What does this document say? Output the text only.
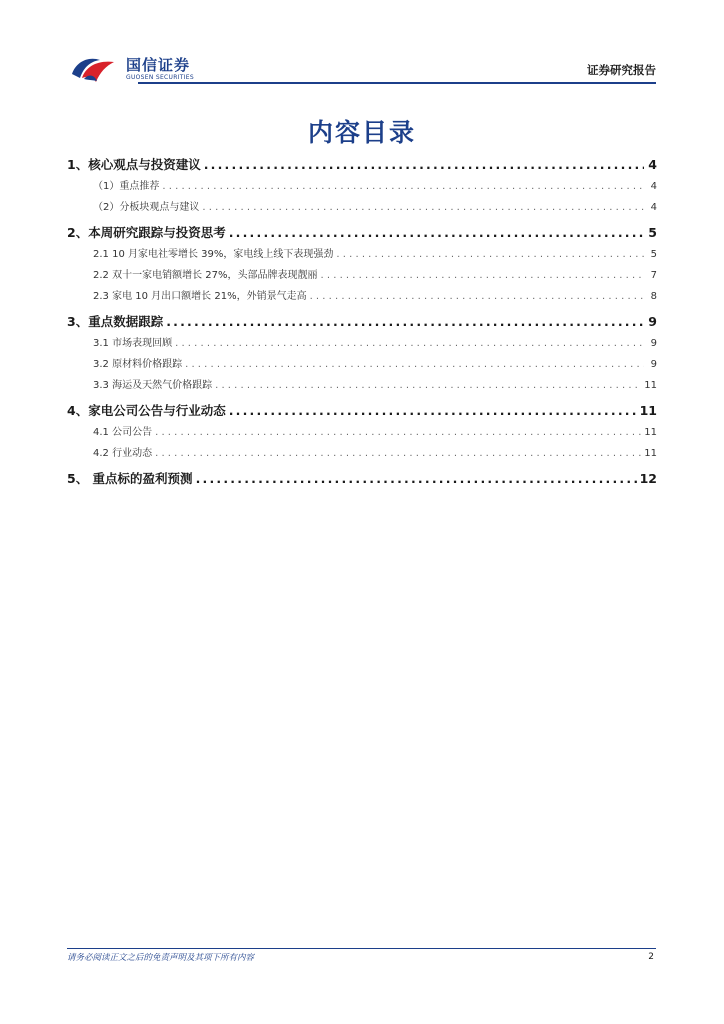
国信证券
GUOSEN SECURITIES
证券研究报告
内容目录
1、核心观点与投资建议 .....	4
（1）重点推荐 . . .	4
（2）分板块观点与建议 . . .	4
2、本周研究跟踪与投资思考 .....	5
2.1 10 月家电社零增长 39%，家电线上线下表现强劲 . . .	5
2.2 双十一家电销额增长 27%，头部品牌表现靓丽 . . .	7
2.3 家电 10 月出口额增长 21%，外销景气走高 . . .	8
3、重点数据跟踪 .....	9
3.1 市场表现回顾 . . .	9
3.2 原材料价格跟踪 . . .	9
3.3 海运及天然气价格跟踪 . . .	11
4、家电公司公告与行业动态 .....	11
4.1 公司公告 . . .	11
4.2 行业动态 . . .	11
5、 重点标的盈利预测 .....	12
请务必阅读正文之后的免责声明及其项下所有内容	2
